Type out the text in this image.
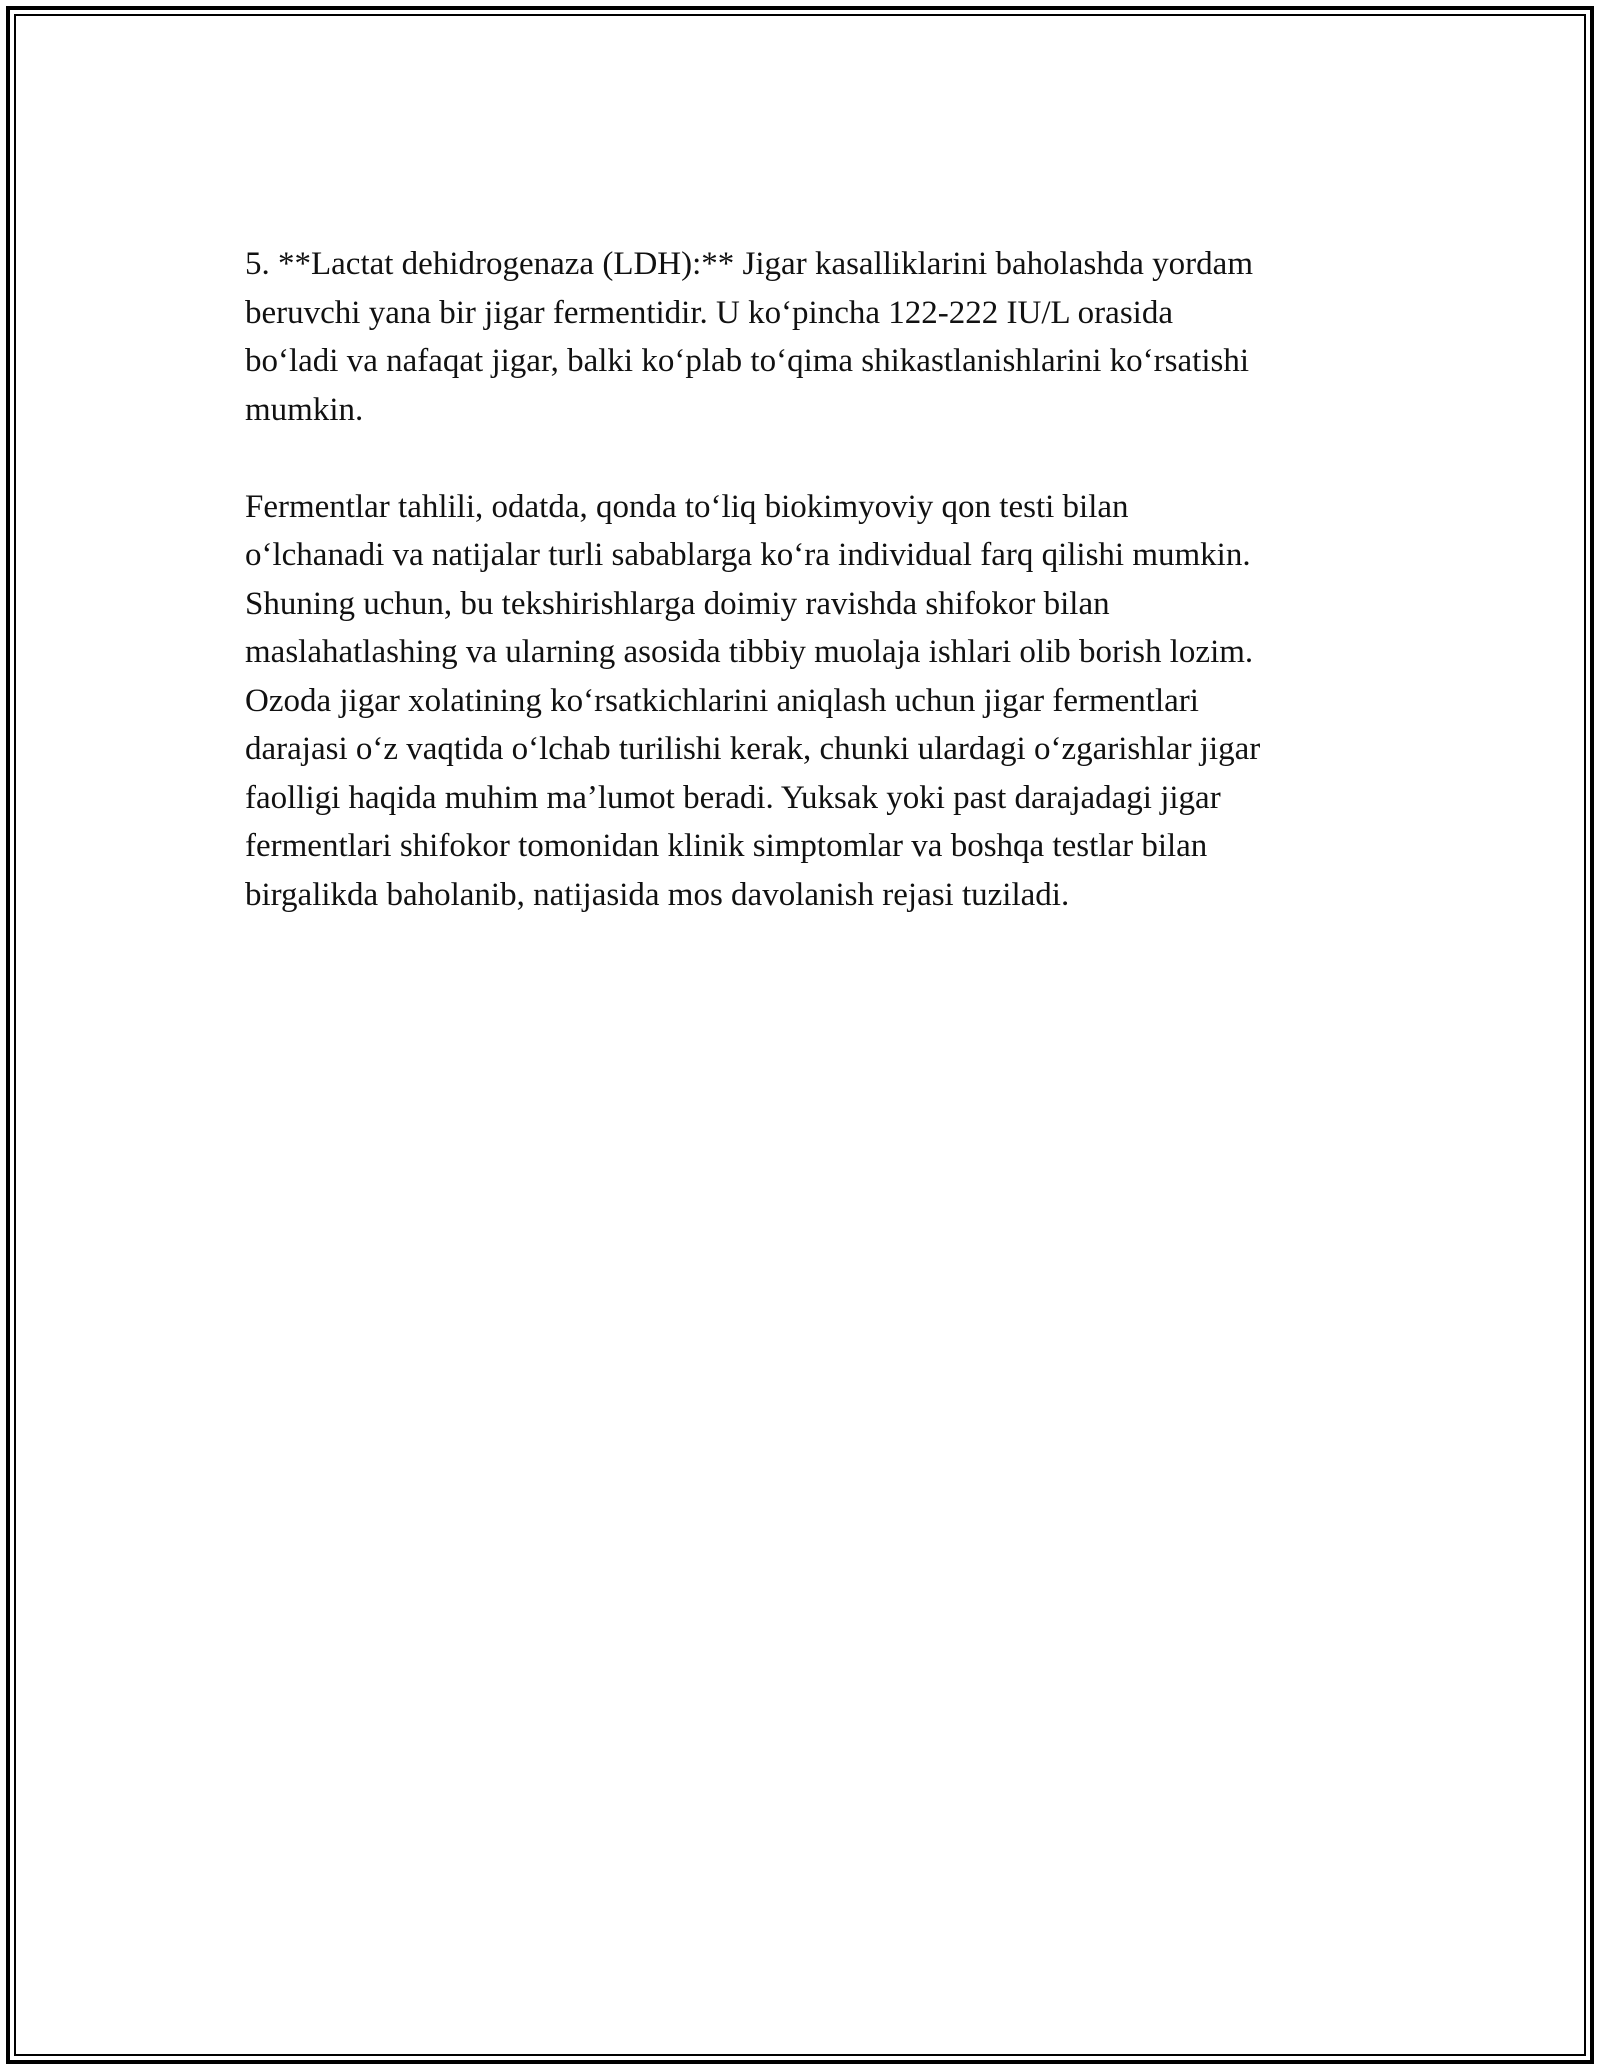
5. **Lactat dehidrogenaza (LDH):** Jigar kasalliklarini baholashda yordam
beruvchi yana bir jigar fermentidir. U koʻpincha 122-222 IU/L orasida
boʻladi va nafaqat jigar, balki koʻplab toʻqima shikastlanishlarini koʻrsatishi
mumkin.

Fermentlar tahlili, odatda, qonda toʻliq biokimyoviy qon testi bilan
oʻlchanadi va natijalar turli sabablarga koʻra individual farq qilishi mumkin.
Shuning uchun, bu tekshirishlarga doimiy ravishda shifokor bilan
maslahatlashing va ularning asosida tibbiy muolaja ishlari olib borish lozim.
Ozoda jigar xolatining koʻrsatkichlarini aniqlash uchun jigar fermentlari
darajasi oʻz vaqtida oʻlchab turilishi kerak, chunki ulardagi oʻzgarishlar jigar
faolligi haqida muhim maʼlumot beradi. Yuksak yoki past darajadagi jigar
fermentlari shifokor tomonidan klinik simptomlar va boshqa testlar bilan
birgalikda baholanib, natijasida mos davolanish rejasi tuziladi.
